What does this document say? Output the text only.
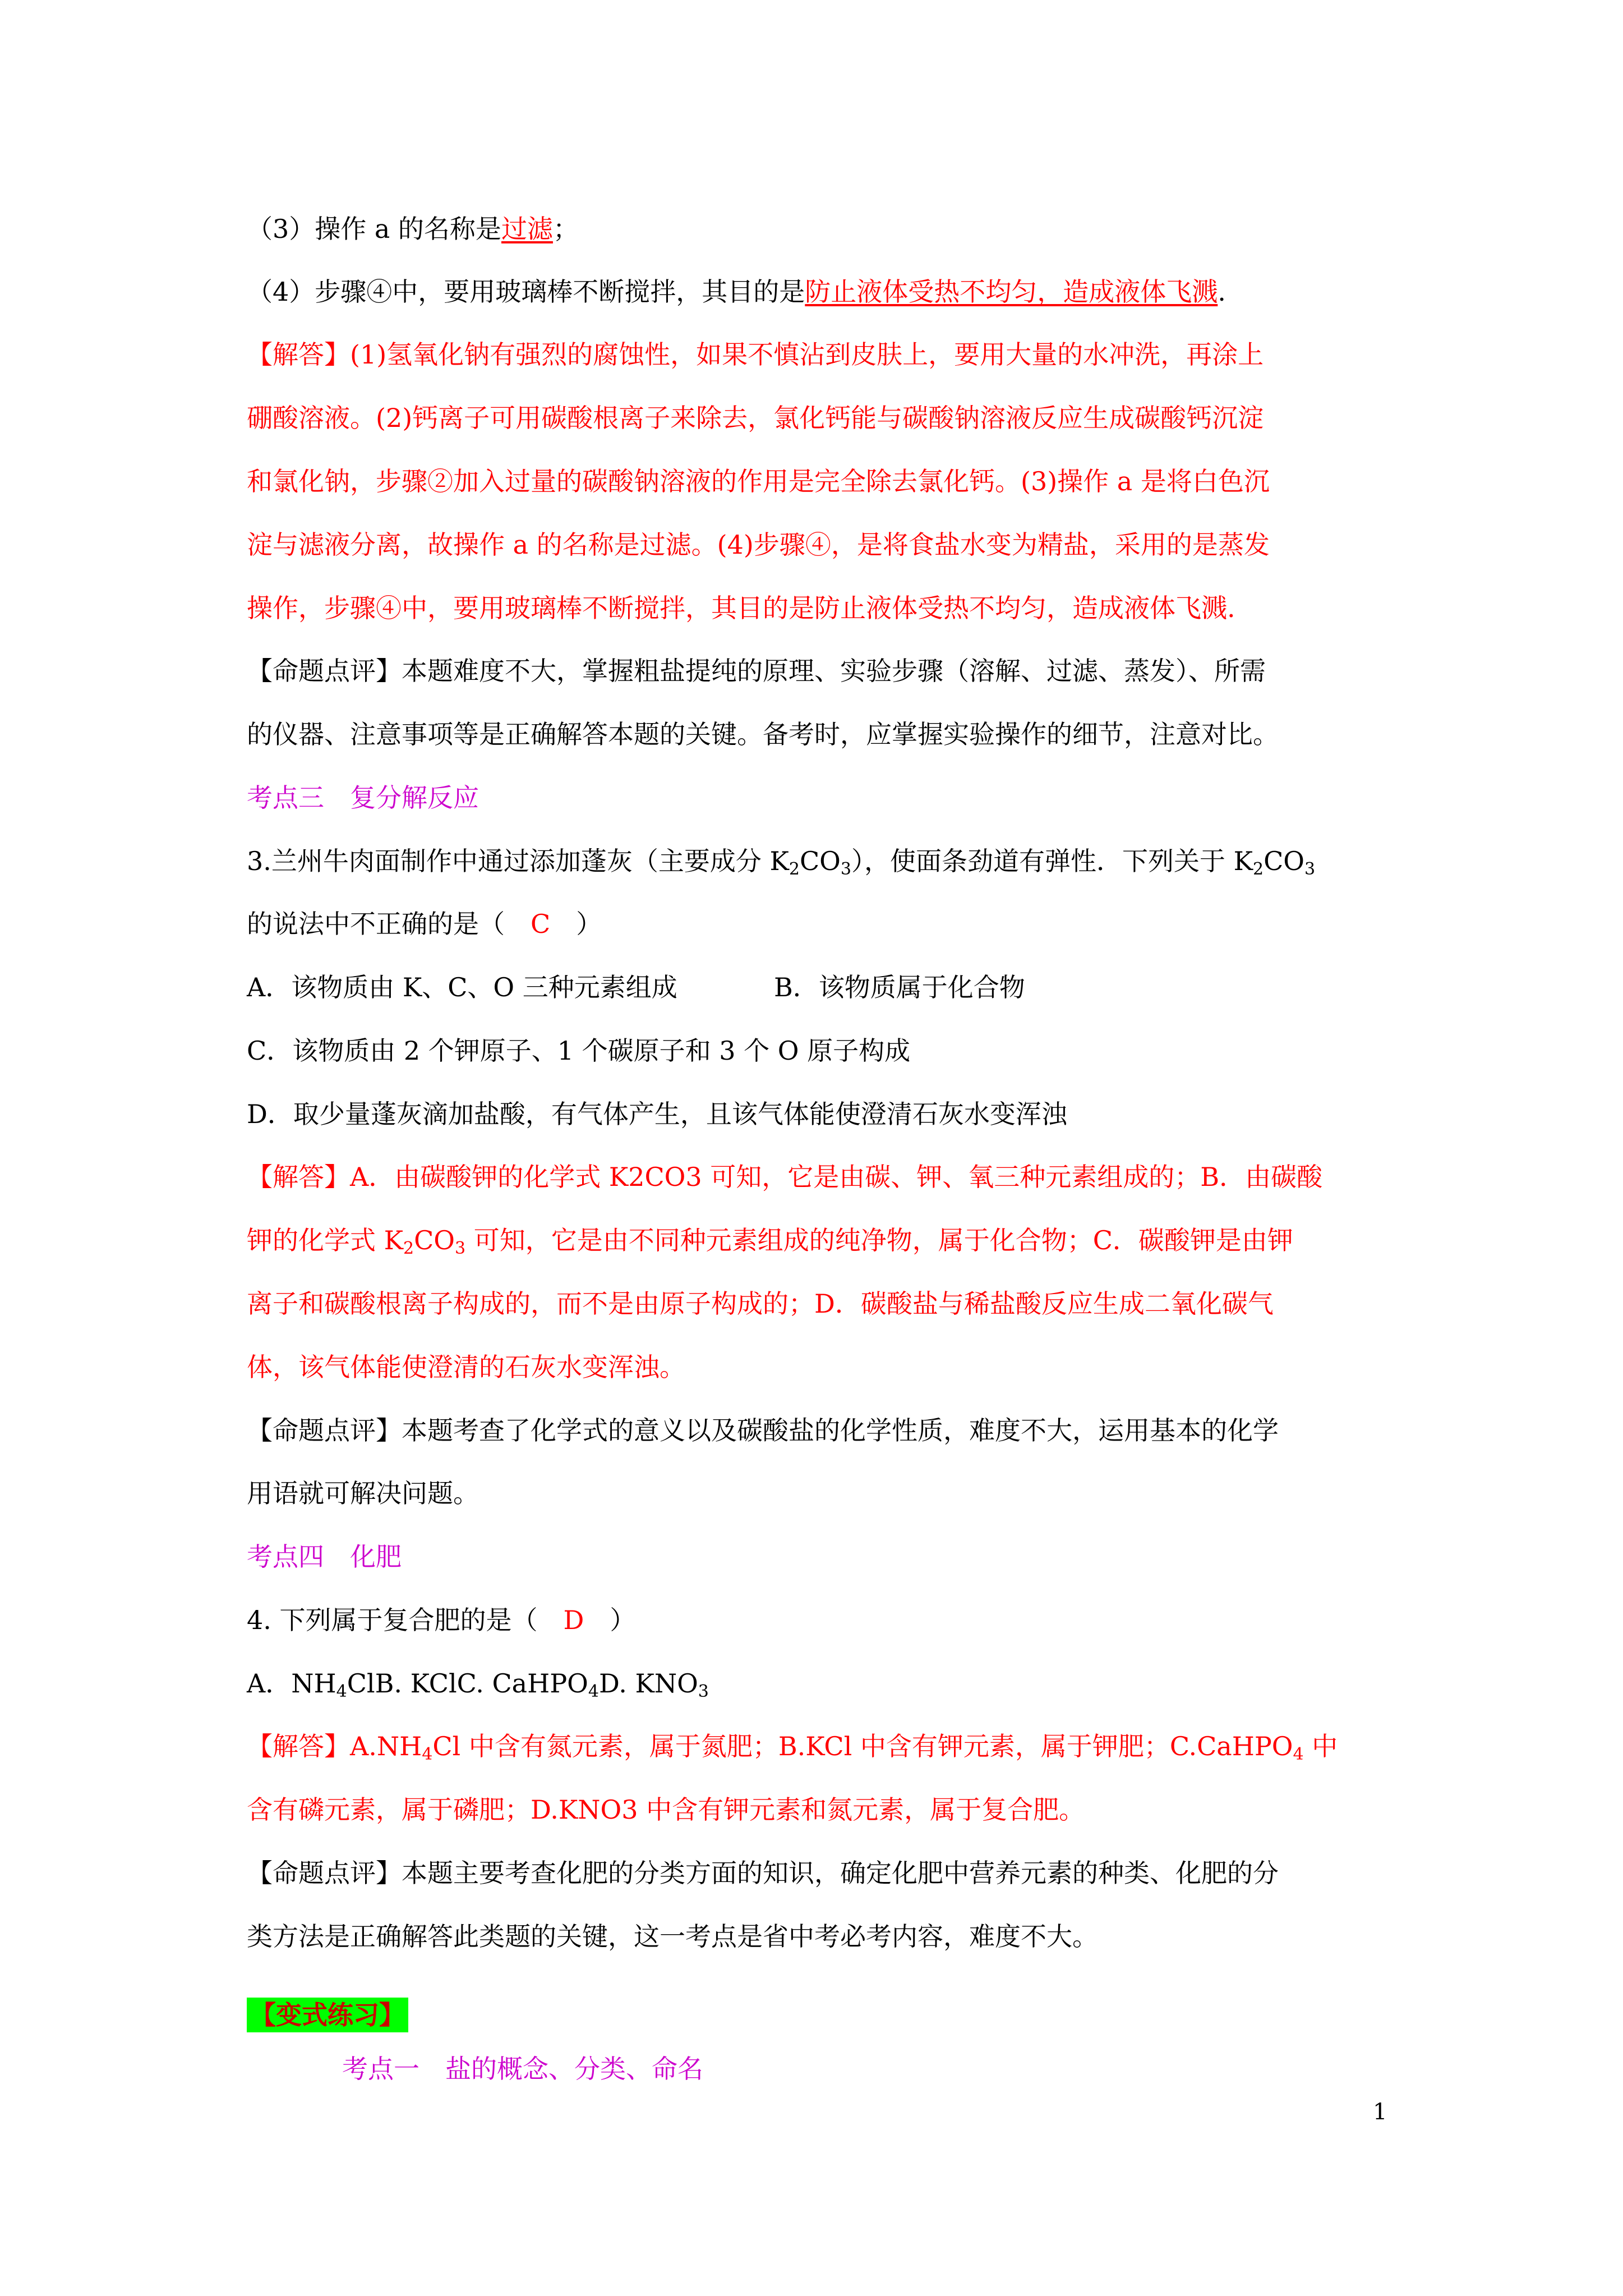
（3）操作 a 的名称是过滤；
（4）步骤④中，要用玻璃棒不断搅拌，其目的是防止液体受热不均匀，造成液体飞溅.
【解答】(1)氢氧化钠有强烈的腐蚀性，如果不慎沾到皮肤上，要用大量的水冲洗，再涂上
硼酸溶液。(2)钙离子可用碳酸根离子来除去，氯化钙能与碳酸钠溶液反应生成碳酸钙沉淀
和氯化钠，步骤②加入过量的碳酸钠溶液的作用是完全除去氯化钙。(3)操作 a 是将白色沉
淀与滤液分离，故操作 a 的名称是过滤。(4)步骤④，是将食盐水变为精盐，采用的是蒸发
操作，步骤④中，要用玻璃棒不断搅拌，其目的是防止液体受热不均匀，造成液体飞溅.
【命题点评】本题难度不大，掌握粗盐提纯的原理、实验步骤（溶解、过滤、蒸发）、所需
的仪器、注意事项等是正确解答本题的关键。备考时，应掌握实验操作的细节，注意对比。
考点三　复分解反应
3.兰州牛肉面制作中通过添加蓬灰（主要成分 $K_2CO_3$），使面条劲道有弹性．下列关于 $K_2CO_3$
的说法中不正确的是（　C　）
A．该物质由 K、C、O 三种元素组成	B．该物质属于化合物
C．该物质由 2 个钾原子、1 个碳原子和 3 个 O 原子构成
D．取少量蓬灰滴加盐酸，有气体产生，且该气体能使澄清石灰水变浑浊
【解答】A．由碳酸钾的化学式 K2CO3 可知，它是由碳、钾、氧三种元素组成的；B．由碳酸
钾的化学式 $K_2CO_3$ 可知，它是由不同种元素组成的纯净物，属于化合物；C．碳酸钾是由钾
离子和碳酸根离子构成的，而不是由原子构成的；D．碳酸盐与稀盐酸反应生成二氧化碳气
体，该气体能使澄清的石灰水变浑浊。
【命题点评】本题考查了化学式的意义以及碳酸盐的化学性质，难度不大，运用基本的化学
用语就可解决问题。
考点四　化肥
4. 下列属于复合肥的是（　D　）
A．$NH_4ClB$. KClC. CaHPO$_4$D. $KNO_3$
【解答】$A.NH_4Cl$ 中含有氮元素，属于氮肥；B.KCl 中含有钾元素，属于钾肥；C.CaHPO$_4$ 中
含有磷元素，属于磷肥；D.KNO3 中含有钾元素和氮元素，属于复合肥。
【命题点评】本题主要考查化肥的分类方面的知识，确定化肥中营养元素的种类、化肥的分
类方法是正确解答此类题的关键，这一考点是省中考必考内容，难度不大。
【变式练习】
考点一　盐的概念、分类、命名
1
